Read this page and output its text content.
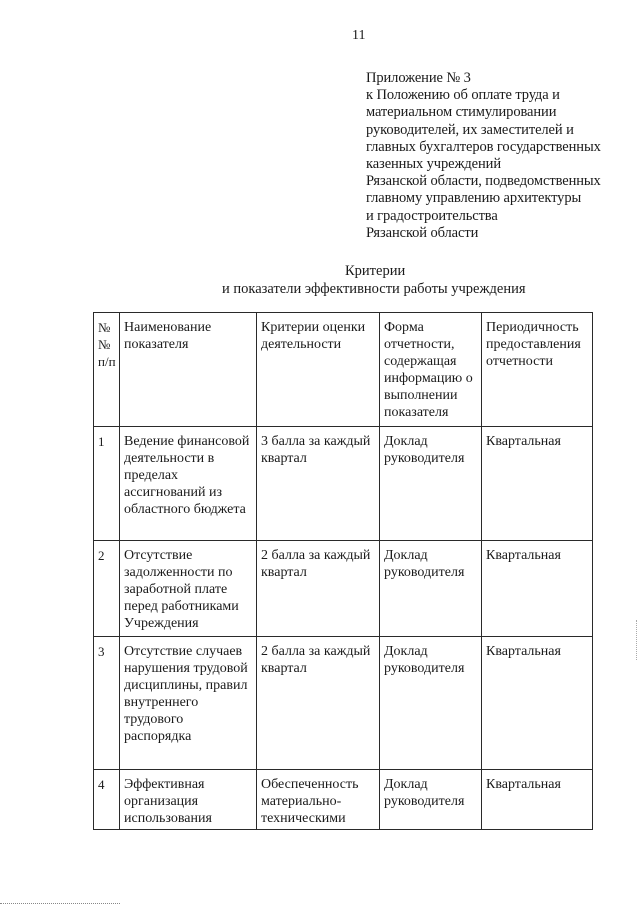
11
Приложение № 3
к Положению об оплате труда и
материальном стимулировании
руководителей, их заместителей и
главных бухгалтеров государственных
казенных учреждений
Рязанской области, подведомственных
главному управлению архитектуры
и градостроительства
Рязанской области
Критерии
и показатели эффективности работы учреждения
№ № п/п	Наименование показателя	Критерии оценки деятельности	Форма отчетности, содержащая информацию о выполнении показателя	Периодичность предоставления отчетности
1	Ведение финансовой деятельности в пределах ассигнований из областного бюджета	3 балла за каждый квартал	Доклад руководителя	Квартальная
2	Отсутствие задолженности по заработной плате перед работниками Учреждения	2 балла за каждый квартал	Доклад руководителя	Квартальная
3	Отсутствие случаев нарушения трудовой дисциплины, правил внутреннего трудового распорядка	2 балла за каждый квартал	Доклад руководителя	Квартальная
4	Эффективная организация использования	Обеспеченность материально-техническими	Доклад руководителя	Квартальная
